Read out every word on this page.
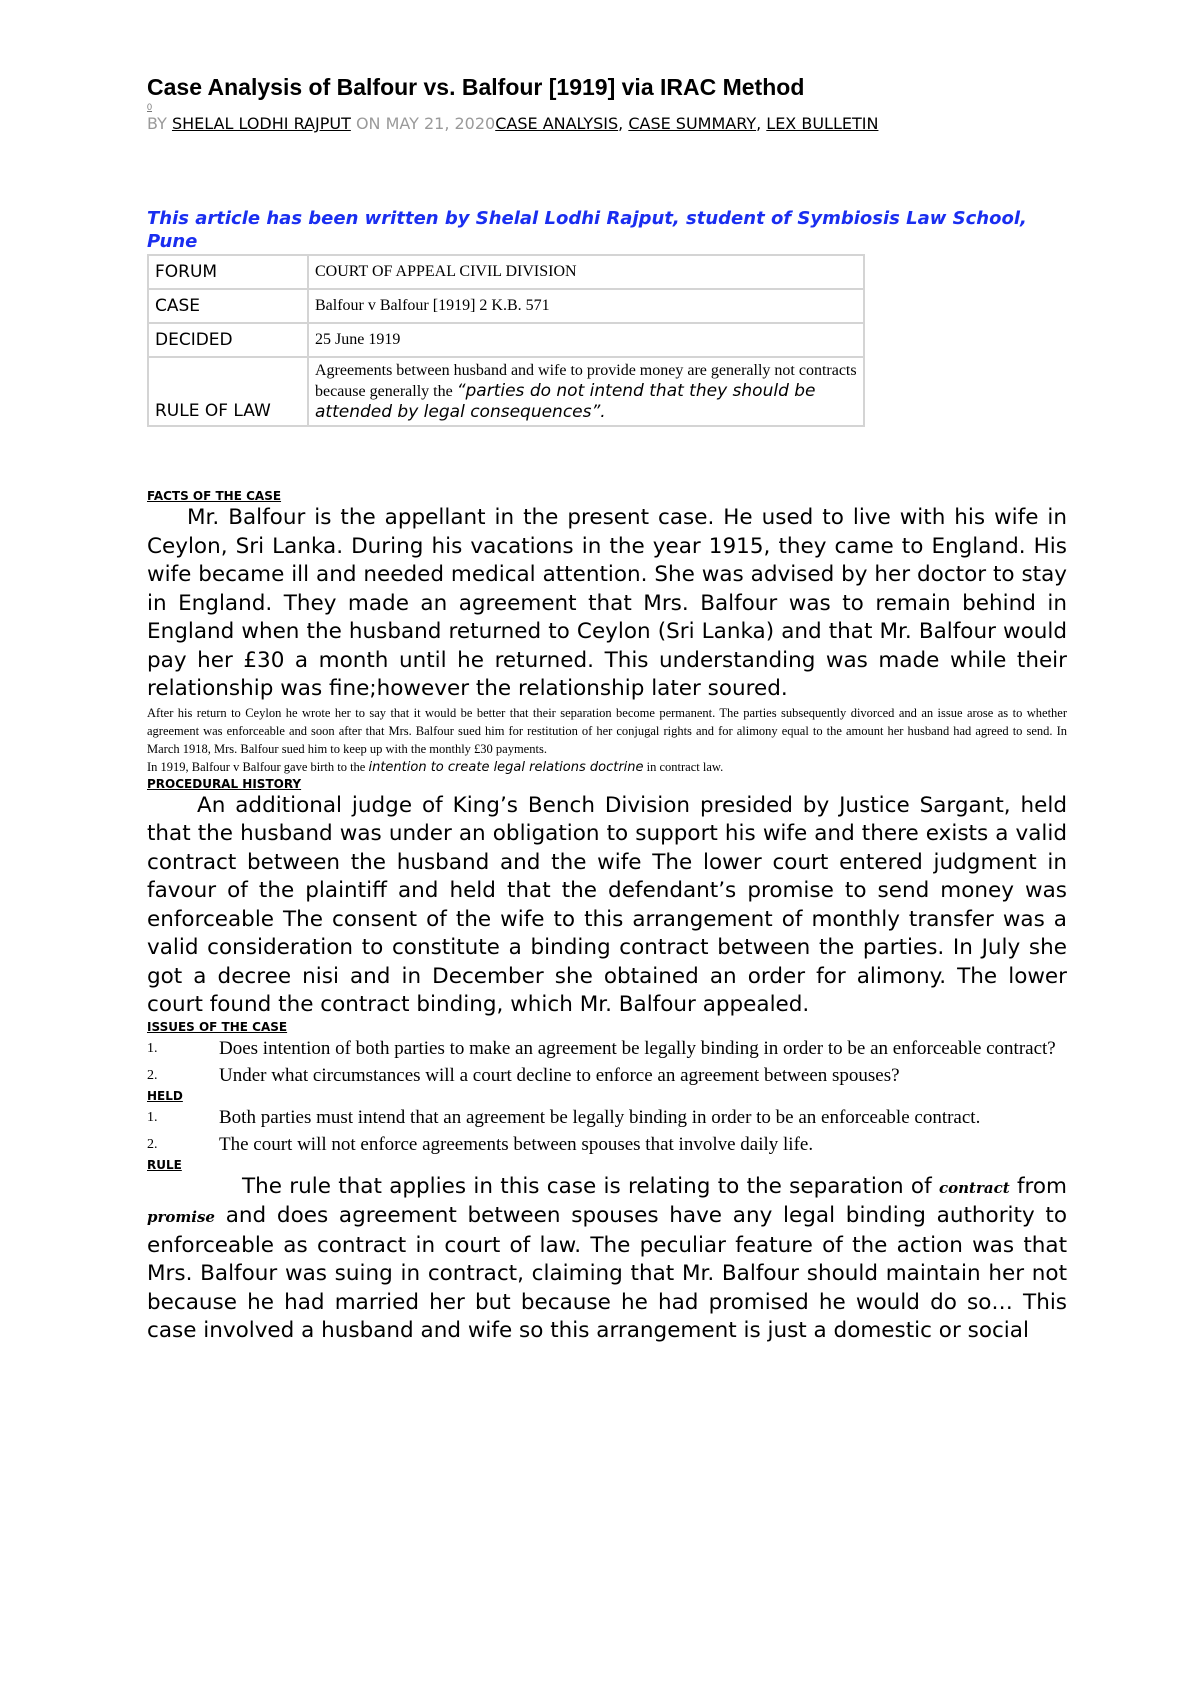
Case Analysis of Balfour vs. Balfour [1919] via IRAC Method
0
BY SHELAL LODHI RAJPUT ON MAY 21, 2020CASE ANALYSIS, CASE SUMMARY, LEX BULLETIN
This article has been written by Shelal Lodhi Rajput, student of Symbiosis Law School, Pune
FORUM	COURT OF APPEAL CIVIL DIVISION
CASE	Balfour v Balfour [1919] 2 K.B. 571
DECIDED	25 June 1919
RULE OF LAW	Agreements between husband and wife to provide money are generally not contracts because generally the “parties do not intend that they should be attended by legal consequences”.
FACTS OF THE CASE

Mr. Balfour is the appellant in the present case. He used to live with his wife in Ceylon, Sri Lanka. During his vacations in the year 1915, they came to England. His wife became ill and needed medical attention. She was advised by her doctor to stay in England. They made an agreement that Mrs. Balfour was to remain behind in England when the husband returned to Ceylon (Sri Lanka) and that Mr. Balfour would pay her £30 a month until he returned. This understanding was made while their relationship was fine;however the relationship later soured.

After his return to Ceylon he wrote her to say that it would be better that their separation become permanent. The parties subsequently divorced and an issue arose as to whether agreement was enforceable and soon after that Mrs. Balfour sued him for restitution of her conjugal rights and for alimony equal to the amount her husband had agreed to send. In March 1918, Mrs. Balfour sued him to keep up with the monthly £30 payments.

In 1919, Balfour v Balfour gave birth to the intention to create legal relations doctrine in contract law.

PROCEDURAL HISTORY

An additional judge of King’s Bench Division presided by Justice Sargant, held that the husband was under an obligation to support his wife and there exists a valid contract between the husband and the wife The lower court entered judgment in favour of the plaintiff and held that the defendant’s promise to send money was enforceable The consent of the wife to this arrangement of monthly transfer was a valid consideration to constitute a binding contract between the parties. In July she got a decree nisi and in December she obtained an order for alimony. The lower court found the contract binding, which Mr. Balfour appealed.

ISSUES OF THE CASE
1.	Does intention of both parties to make an agreement be legally binding in order to be an enforceable contract?
2.	Under what circumstances will a court decline to enforce an agreement between spouses?
HELD
1.	Both parties must intend that an agreement be legally binding in order to be an enforceable contract.
2.	The court will not enforce agreements between spouses that involve daily life.
RULE

The rule that applies in this case is relating to the separation of contract from promise and does agreement between spouses have any legal binding authority to enforceable as contract in court of law. The peculiar feature of the action was that Mrs. Balfour was suing in contract, claiming that Mr. Balfour should maintain her not because he had married her but because he had promised he would do so… This case involved a husband and wife so this arrangement is just a domestic or social
